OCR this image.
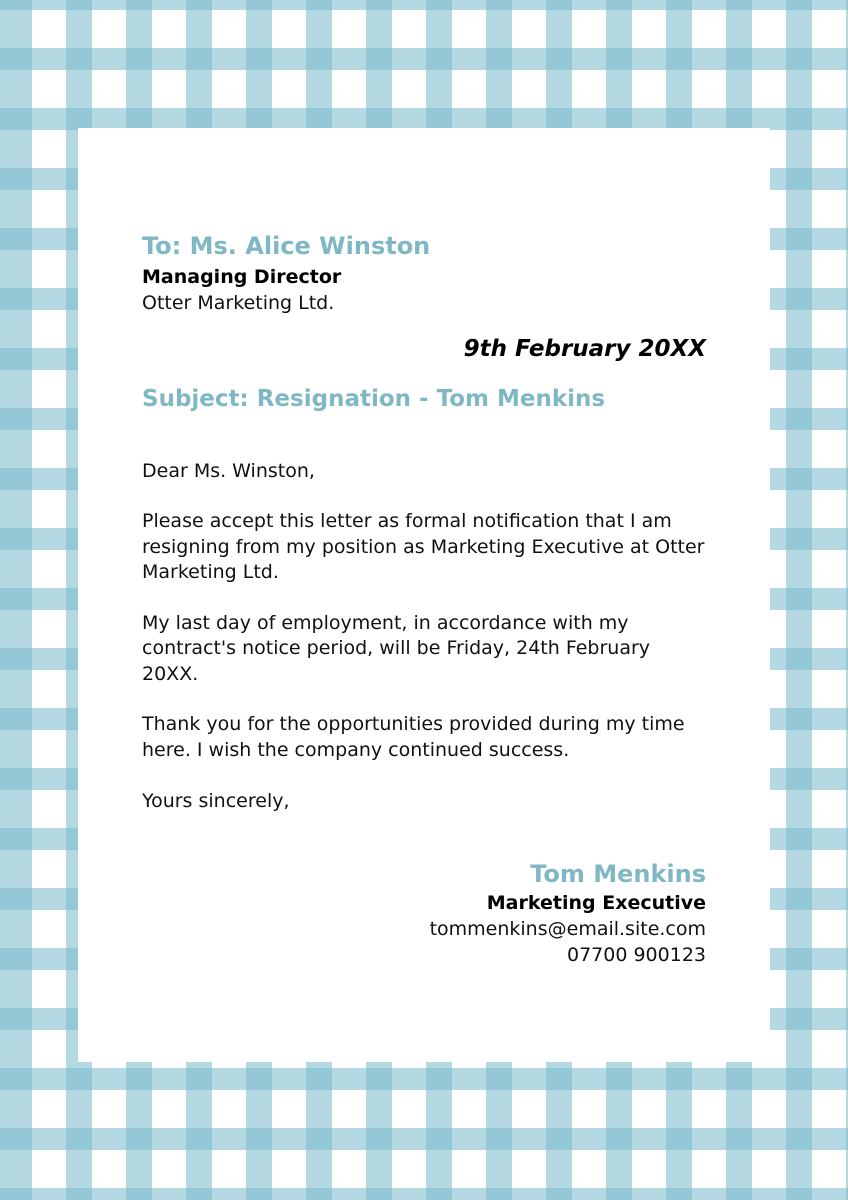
To: Ms. Alice Winston

Managing Director

Otter Marketing Ltd.

9th February 20XX
Subject: Resignation - Tom Menkins
Dear Ms. Winston,
Please accept this letter as formal notification that I am resigning from my position as Marketing Executive at Otter Marketing Ltd.
My last day of employment, in accordance with my contract's notice period, will be Friday, 24th February 20XX.
Thank you for the opportunities provided during my time here. I wish the company continued success.
Yours sincerely,
Tom Menkins
Marketing Executive
tommenkins@email.site.com
07700 900123
